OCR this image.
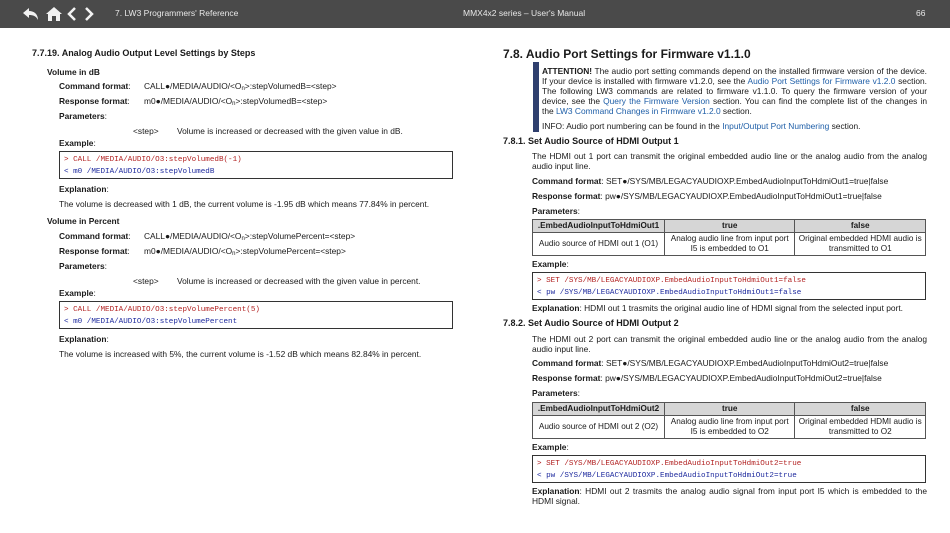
7. LW3 Programmers' Reference	MMX4x2 series – User's Manual	66
7.7.19. Analog Audio Output Level Settings by Steps
Volume in dB
Command format: CALL●/MEDIA/AUDIO/<On>:stepVolumedB=<step>
Response format: m0●/MEDIA/AUDIO/<On>:stepVolumedB=<step>
Parameters:
<step> Volume is increased or decreased with the given value in dB.
Example:
> CALL /MEDIA/AUDIO/O3:stepVolumedB(-1)
< m0 /MEDIA/AUDIO/O3:stepVolumedB
Explanation:
The volume is decreased with 1 dB, the current volume is -1.95 dB which means 77.84% in percent.
Volume in Percent
Command format: CALL●/MEDIA/AUDIO/<On>:stepVolumePercent=<step>
Response format: m0●/MEDIA/AUDIO/<On>:stepVolumePercent=<step>
Parameters:
<step> Volume is increased or decreased with the given value in percent.
Example:
> CALL /MEDIA/AUDIO/O3:stepVolumePercent(5)
< m0 /MEDIA/AUDIO/O3:stepVolumePercent
Explanation:
The volume is increased with 5%, the current volume is -1.52 dB which means 82.84% in percent.
7.8. Audio Port Settings for Firmware v1.1.0
ATTENTION! The audio port setting commands depend on the installed firmware version of the device. If your device is installed with firmware v1.2.0, see the Audio Port Settings for Firmware v1.2.0 section. The following LW3 commands are related to firmware v1.1.0. To query the firmware version of your device, see the Query the Firmware Version section. You can find the complete list of the changes in the LW3 Command Changes in Firmware v1.2.0 section.
INFO: Audio port numbering can be found in the Input/Output Port Numbering section.
7.8.1. Set Audio Source of HDMI Output 1
The HDMI out 1 port can transmit the original embedded audio line or the analog audio from the analog audio input line.
Command format: SET●/SYS/MB/LEGACYAUDIOXP.EmbedAudioInputToHdmiOut1=true|false
Response format: pw●/SYS/MB/LEGACYAUDIOXP.EmbedAudioInputToHdmiOut1=true|false
Parameters:
.EmbedAudioInputToHdmiOut1	true	false
Audio source of HDMI out 1 (O1)	Analog audio line from input port I5 is embedded to O1	Original embedded HDMI audio is transmitted to O1
Example:
> SET /SYS/MB/LEGACYAUDIOXP.EmbedAudioInputToHdmiOut1=false
< pw /SYS/MB/LEGACYAUDIOXP.EmbedAudioInputToHdmiOut1=false
Explanation: HDMI out 1 trasmits the original audio line of HDMI signal from the selected input port.
7.8.2. Set Audio Source of HDMI Output 2
The HDMI out 2 port can transmit the original embedded audio line or the analog audio from the analog audio input line.
Command format: SET●/SYS/MB/LEGACYAUDIOXP.EmbedAudioInputToHdmiOut2=true|false
Response format: pw●/SYS/MB/LEGACYAUDIOXP.EmbedAudioInputToHdmiOut2=true|false
Parameters:
.EmbedAudioInputToHdmiOut2	true	false
Audio source of HDMI out 2 (O2)	Analog audio line from input port I5 is embedded to O2	Original embedded HDMI audio is transmitted to O2
Example:
> SET /SYS/MB/LEGACYAUDIOXP.EmbedAudioInputToHdmiOut2=true
< pw /SYS/MB/LEGACYAUDIOXP.EmbedAudioInputToHdmiOut2=true
Explanation: HDMI out 2 trasmits the analog audio signal from input port I5 which is embedded to the HDMI signal.
